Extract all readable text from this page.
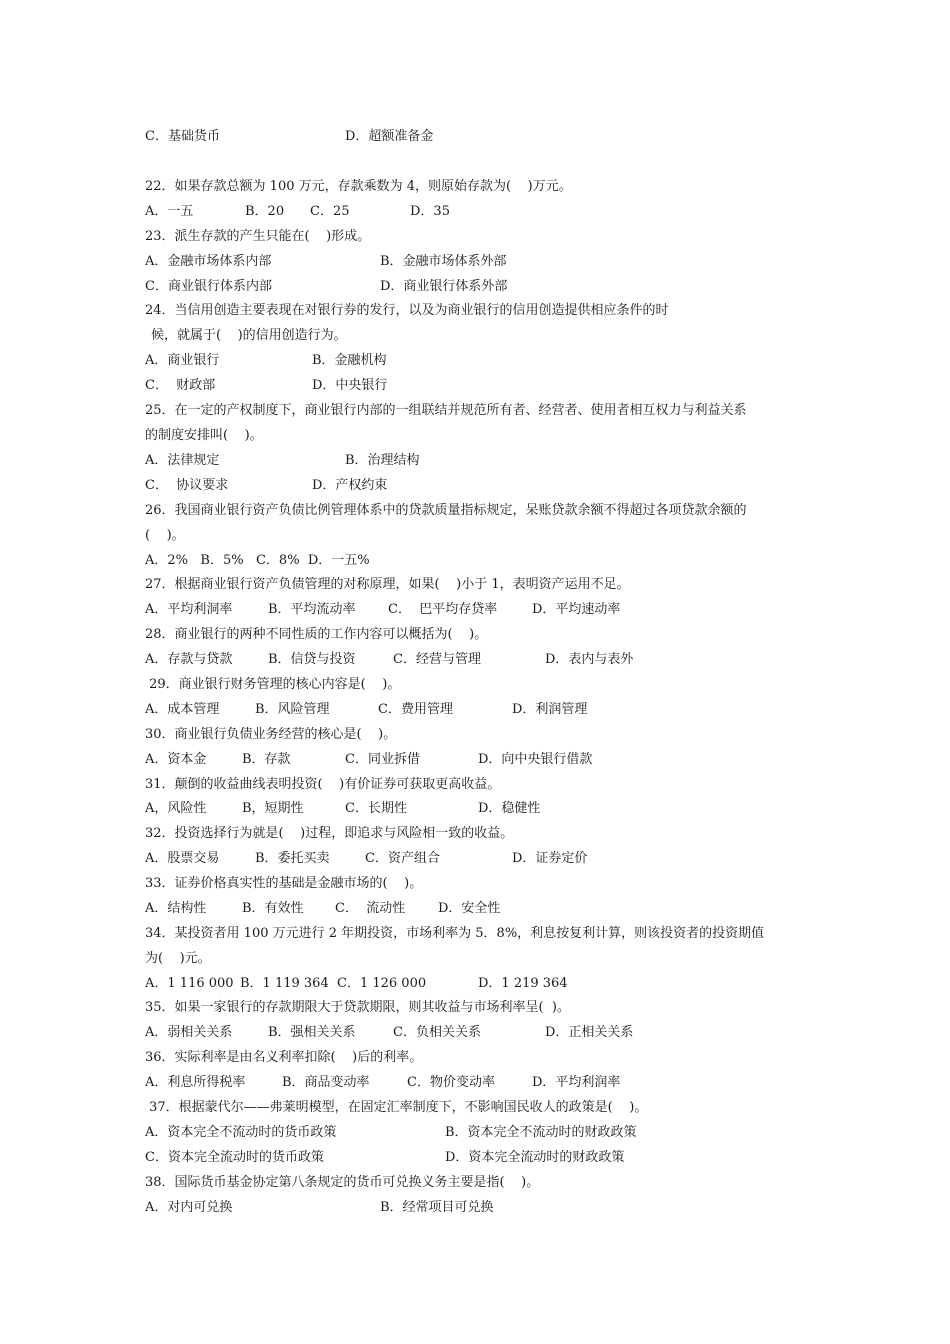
C．基础货币	D．超额准备金

22．如果存款总额为 100 万元，存款乘数为 4，则原始存款为(    )万元。

A．一五	B．20 C．25	D．35

23．派生存款的产生只能在(    )形成。

A．金融市场体系内部	B．金融市场体系外部

C．商业银行体系内部	D．商业银行体系外部

24．当信用创造主要表现在对银行券的发行，以及为商业银行的信用创造提供相应条件的时

候，就属于(    )的信用创造行为。

A．商业银行	B．金融机构

C．  财政部	D．中央银行

25．在一定的产权制度下，商业银行内部的一组联结并规范所有者、经营者、使用者相互权力与利益关系

的制度安排叫(    )。

A．法律规定	B．治理结构

C．  协议要求	D．产权约束

26．我国商业银行资产负债比例管理体系中的贷款质量指标规定，呆账贷款余额不得超过各项贷款余额的

(    )。

A．2%   B．5%   C．8%  D．一五%

27．根据商业银行资产负债管理的对称原理，如果(    )小于 1，表明资产运用不足。

A．平均利洞率	B．平均流动率 C．  巴平均存贷率	D．平均速动率

28．商业银行的两种不同性质的工作内容可以概括为(    )。

A．存款与贷款	B．信贷与投资	C．经营与管理	D．表内与表外

29．商业银行财务管理的核心内容是(    )。

A．成本管理	B．风险管理	C．费用管理	D．利润管理

30．商业银行负债业务经营的核心是(    )。

A．资本金	B．存款	C．同业拆借	D．向中央银行借款

31．颠倒的收益曲线表明投资(    )有价证券可获取更高收益。

A，风险性	B，短期性	C．长期性	D．稳健性

32．投资选择行为就是(    )过程，即追求与风险相一致的收益。

A．股票交易	B．委托买卖	C．资产组合	D．证券定价

33．证券价格真实性的基础是金融市场的(    )。

A．结构性	B．有效性 C．  流动性	D．安全性

34．某投资者用 100 万元进行 2 年期投资，市场利率为 5．8%，利息按复利计算，则该投资者的投资期值

为(    )元。

A．1 116 000 B．1 119 364 C．1 126 000	D．1 219 364

35．如果一家银行的存款期限大于贷款期限，则其收益与市场利率呈(  )。

A．弱相关关系	B．强相关关系	C．负相关关系	D．正相关关系

36．实际利率是由名义利率扣除(    )后的利率。

A．利息所得税率	B．商品变动率	C．物价变动率	D．平均利润率

37．根据蒙代尔——弗莱明模型，在固定汇率制度下，不影响国民收人的政策是(    )。

A．资本完全不流动时的货币政策	B．资本完全不流动时的财政政策

C．资本完全流动时的货币政策	D．资本完全流动时的财政政策

38．国际货币基金协定第八条规定的货币可兑换义务主要是指(    )。

A．对内可兑换	B．经常项目可兑换
